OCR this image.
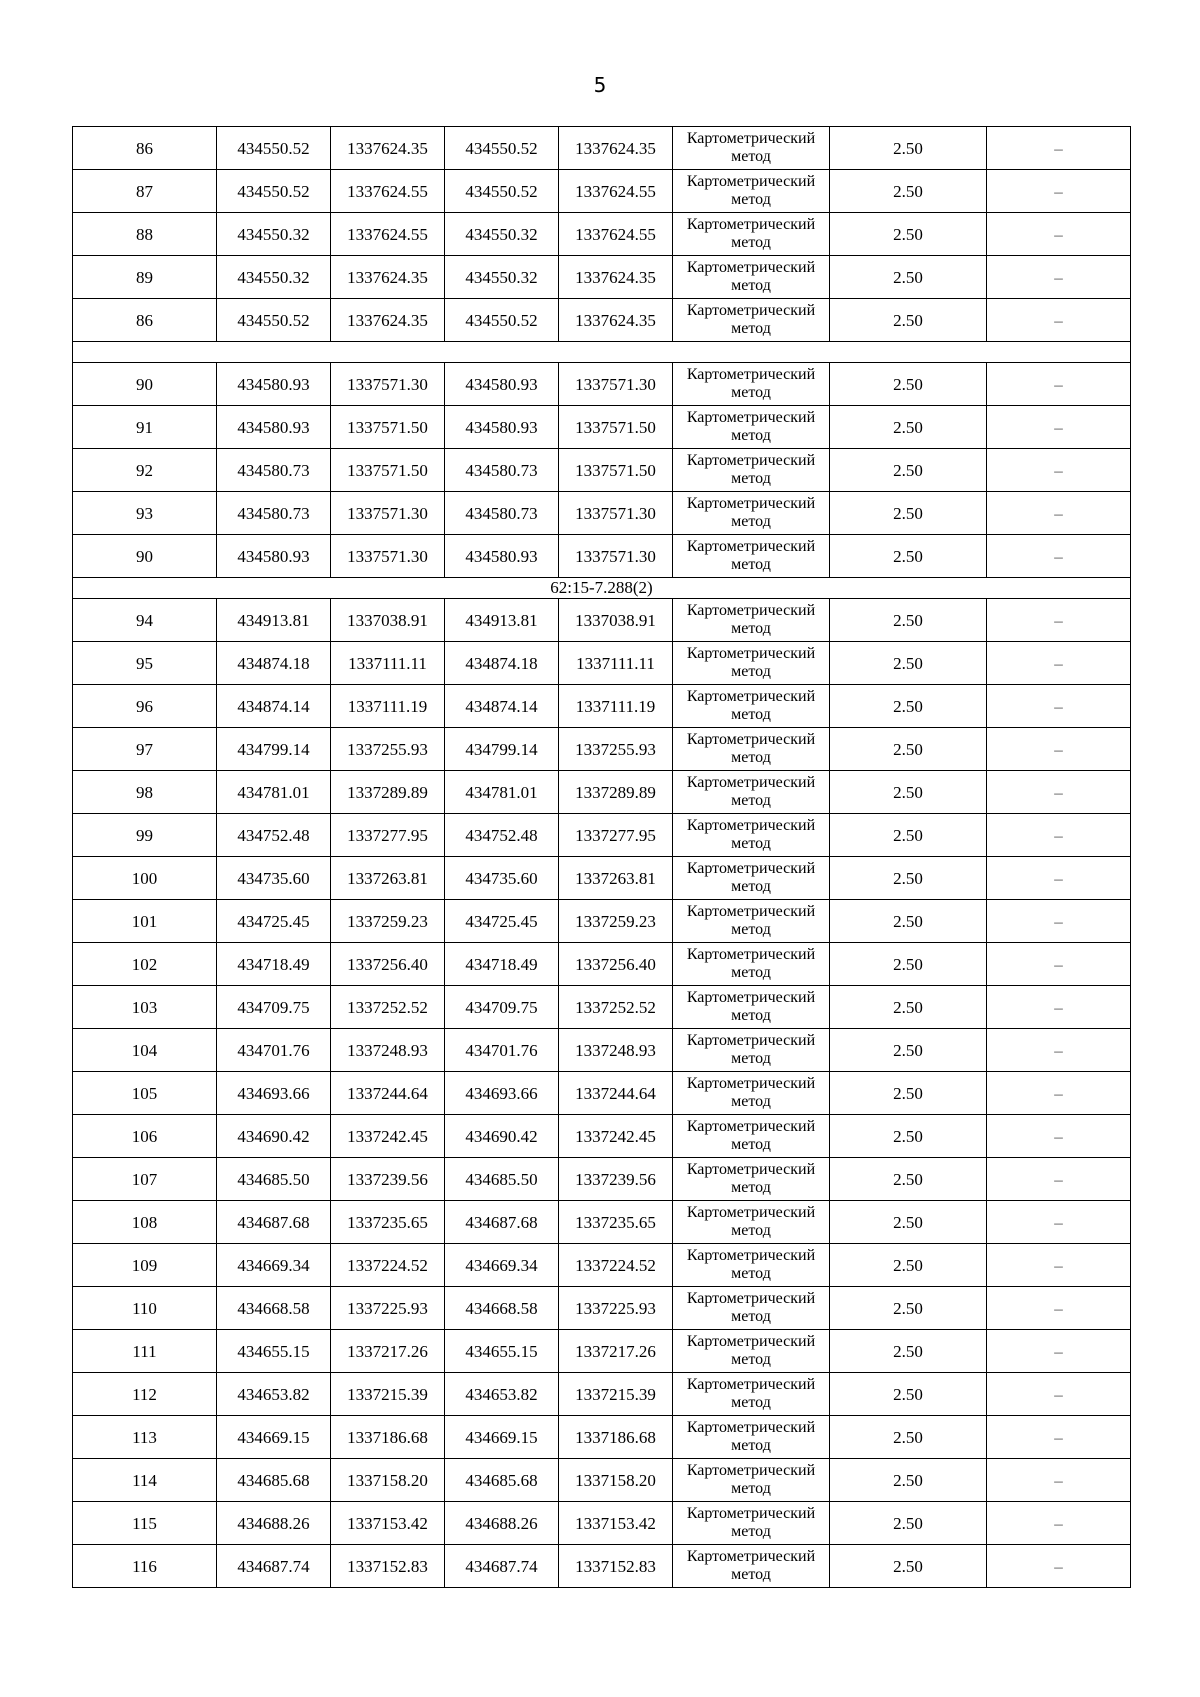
5
86	434550.52	1337624.35	434550.52	1337624.35	Картометрический метод	2.50	–
87	434550.52	1337624.55	434550.52	1337624.55	Картометрический метод	2.50	–
88	434550.32	1337624.55	434550.32	1337624.55	Картометрический метод	2.50	–
89	434550.32	1337624.35	434550.32	1337624.35	Картометрический метод	2.50	–
86	434550.52	1337624.35	434550.52	1337624.35	Картометрический метод	2.50	–

90	434580.93	1337571.30	434580.93	1337571.30	Картометрический метод	2.50	–
91	434580.93	1337571.50	434580.93	1337571.50	Картометрический метод	2.50	–
92	434580.73	1337571.50	434580.73	1337571.50	Картометрический метод	2.50	–
93	434580.73	1337571.30	434580.73	1337571.30	Картометрический метод	2.50	–
90	434580.93	1337571.30	434580.93	1337571.30	Картометрический метод	2.50	–
62:15-7.288(2)							
94	434913.81	1337038.91	434913.81	1337038.91	Картометрический метод	2.50	–
95	434874.18	1337111.11	434874.18	1337111.11	Картометрический метод	2.50	–
96	434874.14	1337111.19	434874.14	1337111.19	Картометрический метод	2.50	–
97	434799.14	1337255.93	434799.14	1337255.93	Картометрический метод	2.50	–
98	434781.01	1337289.89	434781.01	1337289.89	Картометрический метод	2.50	–
99	434752.48	1337277.95	434752.48	1337277.95	Картометрический метод	2.50	–
100	434735.60	1337263.81	434735.60	1337263.81	Картометрический метод	2.50	–
101	434725.45	1337259.23	434725.45	1337259.23	Картометрический метод	2.50	–
102	434718.49	1337256.40	434718.49	1337256.40	Картометрический метод	2.50	–
103	434709.75	1337252.52	434709.75	1337252.52	Картометрический метод	2.50	–
104	434701.76	1337248.93	434701.76	1337248.93	Картометрический метод	2.50	–
105	434693.66	1337244.64	434693.66	1337244.64	Картометрический метод	2.50	–
106	434690.42	1337242.45	434690.42	1337242.45	Картометрический метод	2.50	–
107	434685.50	1337239.56	434685.50	1337239.56	Картометрический метод	2.50	–
108	434687.68	1337235.65	434687.68	1337235.65	Картометрический метод	2.50	–
109	434669.34	1337224.52	434669.34	1337224.52	Картометрический метод	2.50	–
110	434668.58	1337225.93	434668.58	1337225.93	Картометрический метод	2.50	–
111	434655.15	1337217.26	434655.15	1337217.26	Картометрический метод	2.50	–
112	434653.82	1337215.39	434653.82	1337215.39	Картометрический метод	2.50	–
113	434669.15	1337186.68	434669.15	1337186.68	Картометрический метод	2.50	–
114	434685.68	1337158.20	434685.68	1337158.20	Картометрический метод	2.50	–
115	434688.26	1337153.42	434688.26	1337153.42	Картометрический метод	2.50	–
116	434687.74	1337152.83	434687.74	1337152.83	Картометрический метод	2.50	–
